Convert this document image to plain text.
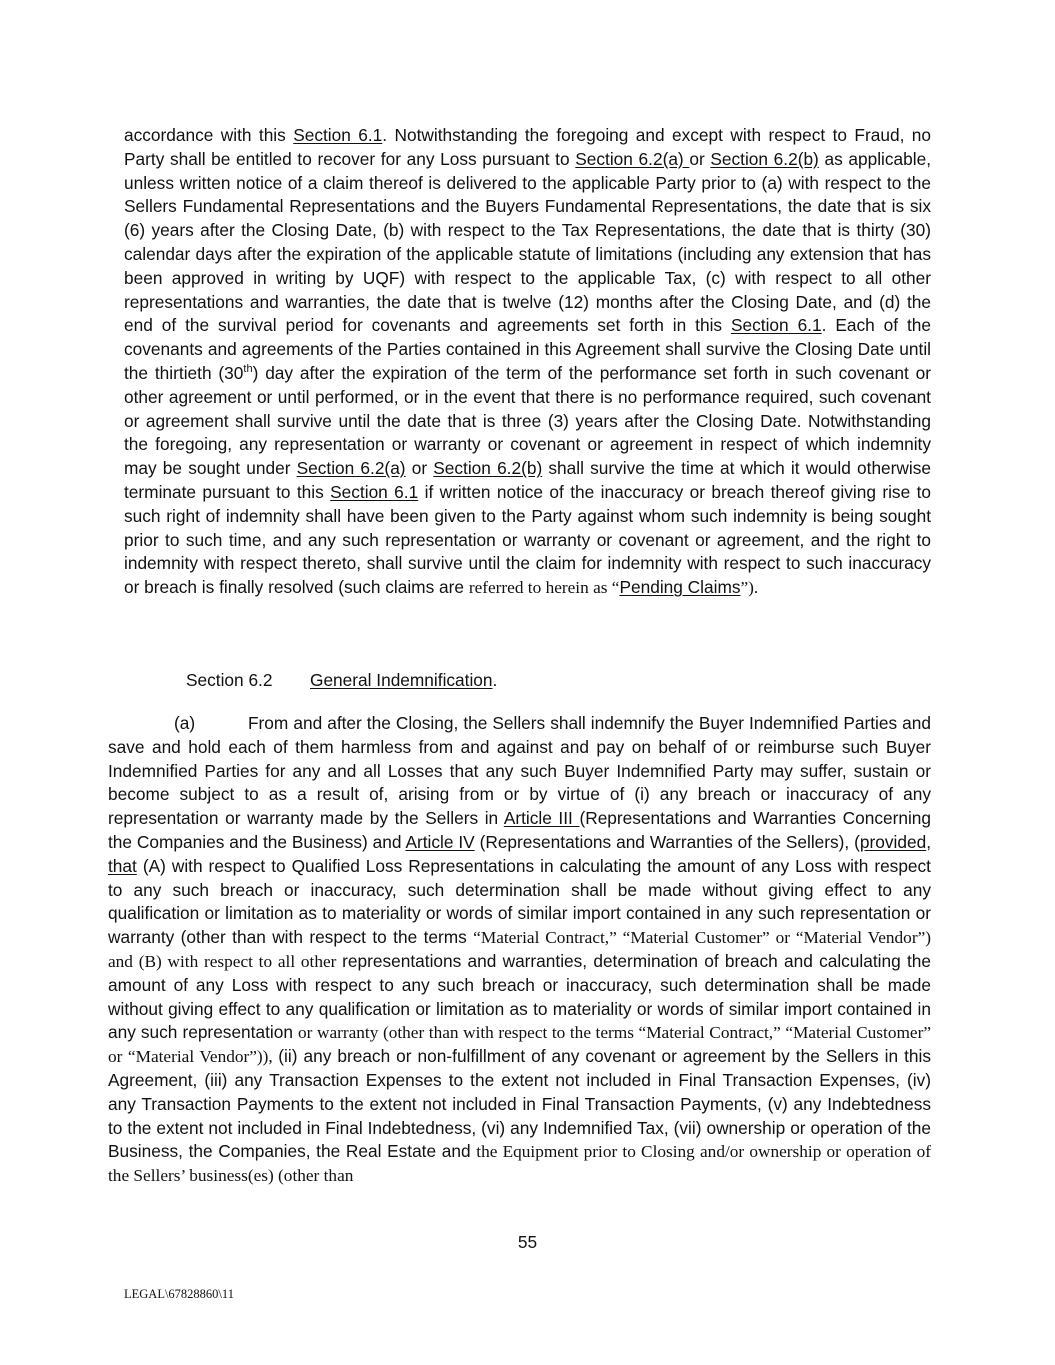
accordance with this Section 6.1. Notwithstanding the foregoing and except with respect to Fraud, no Party shall be entitled to recover for any Loss pursuant to Section 6.2(a) or Section 6.2(b) as applicable, unless written notice of a claim thereof is delivered to the applicable Party prior to (a) with respect to the Sellers Fundamental Representations and the Buyers Fundamental Representations, the date that is six (6) years after the Closing Date, (b) with respect to the Tax Representations, the date that is thirty (30) calendar days after the expiration of the applicable statute of limitations (including any extension that has been approved in writing by UQF) with respect to the applicable Tax, (c) with respect to all other representations and warranties, the date that is twelve (12) months after the Closing Date, and (d) the end of the survival period for covenants and agreements set forth in this Section 6.1. Each of the covenants and agreements of the Parties contained in this Agreement shall survive the Closing Date until the thirtieth (30th) day after the expiration of the term of the performance set forth in such covenant or other agreement or until performed, or in the event that there is no performance required, such covenant or agreement shall survive until the date that is three (3) years after the Closing Date. Notwithstanding the foregoing, any representation or warranty or covenant or agreement in respect of which indemnity may be sought under Section 6.2(a) or Section 6.2(b) shall survive the time at which it would otherwise terminate pursuant to this Section 6.1 if written notice of the inaccuracy or breach thereof giving rise to such right of indemnity shall have been given to the Party against whom such indemnity is being sought prior to such time, and any such representation or warranty or covenant or agreement, and the right to indemnity with respect thereto, shall survive until the claim for indemnity with respect to such inaccuracy or breach is finally resolved (such claims are referred to herein as “Pending Claims”).

Section 6.2 General Indemnification.

(a)	From and after the Closing, the Sellers shall indemnify the Buyer Indemnified Parties and save and hold each of them harmless from and against and pay on behalf of or reimburse such Buyer Indemnified Parties for any and all Losses that any such Buyer Indemnified Party may suffer, sustain or become subject to as a result of, arising from or by virtue of (i) any breach or inaccuracy of any representation or warranty made by the Sellers in Article III (Representations and Warranties Concerning the Companies and the Business) and Article IV (Representations and Warranties of the Sellers), (provided, that (A) with respect to Qualified Loss Representations in calculating the amount of any Loss with respect to any such breach or inaccuracy, such determination shall be made without giving effect to any qualification or limitation as to materiality or words of similar import contained in any such representation or warranty (other than with respect to the terms “Material Contract,” “Material Customer” or “Material Vendor”) and (B) with respect to all other representations and warranties, determination of breach and calculating the amount of any Loss with respect to any such breach or inaccuracy, such determination shall be made without giving effect to any qualification or limitation as to materiality or words of similar import contained in any such representation or warranty (other than with respect to the terms “Material Contract,” “Material Customer” or “Material Vendor”)), (ii) any breach or non-fulfillment of any covenant or agreement by the Sellers in this Agreement, (iii) any Transaction Expenses to the extent not included in Final Transaction Expenses, (iv) any Transaction Payments to the extent not included in Final Transaction Payments, (v) any Indebtedness to the extent not included in Final Indebtedness, (vi) any Indemnified Tax, (vii) ownership or operation of the Business, the Companies, the Real Estate and the Equipment prior to Closing and/or ownership or operation of the Sellers’ business(es) (other than

55

LEGAL\67828860\11
